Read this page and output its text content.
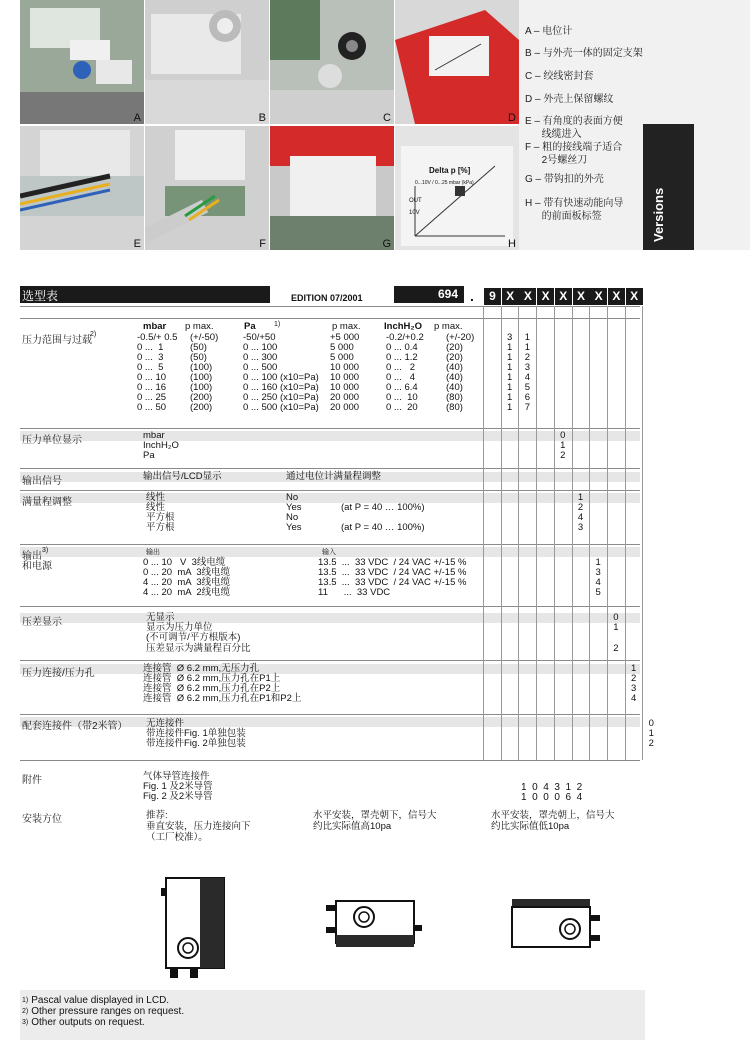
A	B	C	D
E	F	G
Delta p [%]
0...10V / 0...25 mbar (kPa)
OUT
10V
H
A – 电位计
B – 与外壳一体的固定支架
C – 绞线密封套
D – 外壳上保留螺纹
E – 有角度的表面方便
线缆进入
F – 粗的接线端子适合
2号螺丝刀
G – 带钩扣的外壳
H – 带有快速动能向导
的前面板标签	Versions
选型表	EDITION 07/2001	694 .	9 X X X X X X X X
mbar p max.	Pa	1)	p max. InchH₂O p max.
压力范围与过载
2)	-0.5/+ 0.5 (+/-50)	-50/+50	+5 000	-0.2/+0.2 (+/-20)	3	1
0 ...  1	(50)	0 ... 100	5 000	0 ... 0.4	(20)	1	1
0 ...  3	(50)	0 ... 300	5 000	0 ... 1.2	(20)	1	2
0 ...  5	(100)	0 ... 500	10 000	0 ...   2	(40)	1	3
0 ... 10	(100)	0 ... 100 (x10=Pa) 10 000	0 ...   4	(40)	1	4
0 ... 16	(100)	0 ... 160 (x10=Pa) 10 000	0 ... 6.4	(40)	1	5
0 ... 25	(200)	0 ... 250 (x10=Pa) 20 000	0 ...  10	(80)	1	6
0 ... 50	(200)	0 ... 500 (x10=Pa) 20 000	0 ...  20	(80)	1	7
压力单位显示	mbar	0
InchH₂O	1
Pa	2
输出信号	输出信号/LCD显示	通过电位计满量程调整
满量程调整	线性	No	1
线性	Yes	(at P = 40 … 100%)	2
平方根	No	4
平方根	Yes	(at P = 40 … 100%)	3
输出
3)
和电源
输出	输入
0 ... 10   V  3线电缆	13.5  ...  33 VDC  / 24 VAC +/-15 %	1
0 ... 20  mA  3线电缆	13.5  ...  33 VDC  / 24 VAC +/-15 %	3
4 ... 20  mA  3线电缆	13.5  ...  33 VDC  / 24 VAC +/-15 %	4
4 ... 20  mA  2线电缆	11      ...  33 VDC	5
压差显示	无显示	0
显示为压力单位
(不可调节/平方根版本)
1
压差显示为满量程百分比	2
压力连接/压力孔	连接管  Ø 6.2 mm,无压力孔	1
连接管  Ø 6.2 mm,压力孔在P1上	2
连接管  Ø 6.2 mm,压力孔在P2上	3
连接管  Ø 6.2 mm,压力孔在P1和P2上	4
配套连接件（带2米管） 无连接件	0
带连接件Fig. 1单独包装	1
带连接件Fig. 2单独包装	2
附件	气体导管连接件
Fig. 1 及2米导管
Fig. 2 及2米导管
1  0  4  3  1  2
1  0  0  0  6  4
安装方位	推荐:
垂直安装，压力连接向下
（工厂校准）。
水平安装，罩壳朝下，信号大
约比实际值高10pa
水平安装，罩壳朝上，信号大
约比实际值低10pa
$^{1)}$ Pascal value displayed in LCD.
$^{2)}$ Other pressure ranges on request.
$^{3)}$ Other outputs on request.
